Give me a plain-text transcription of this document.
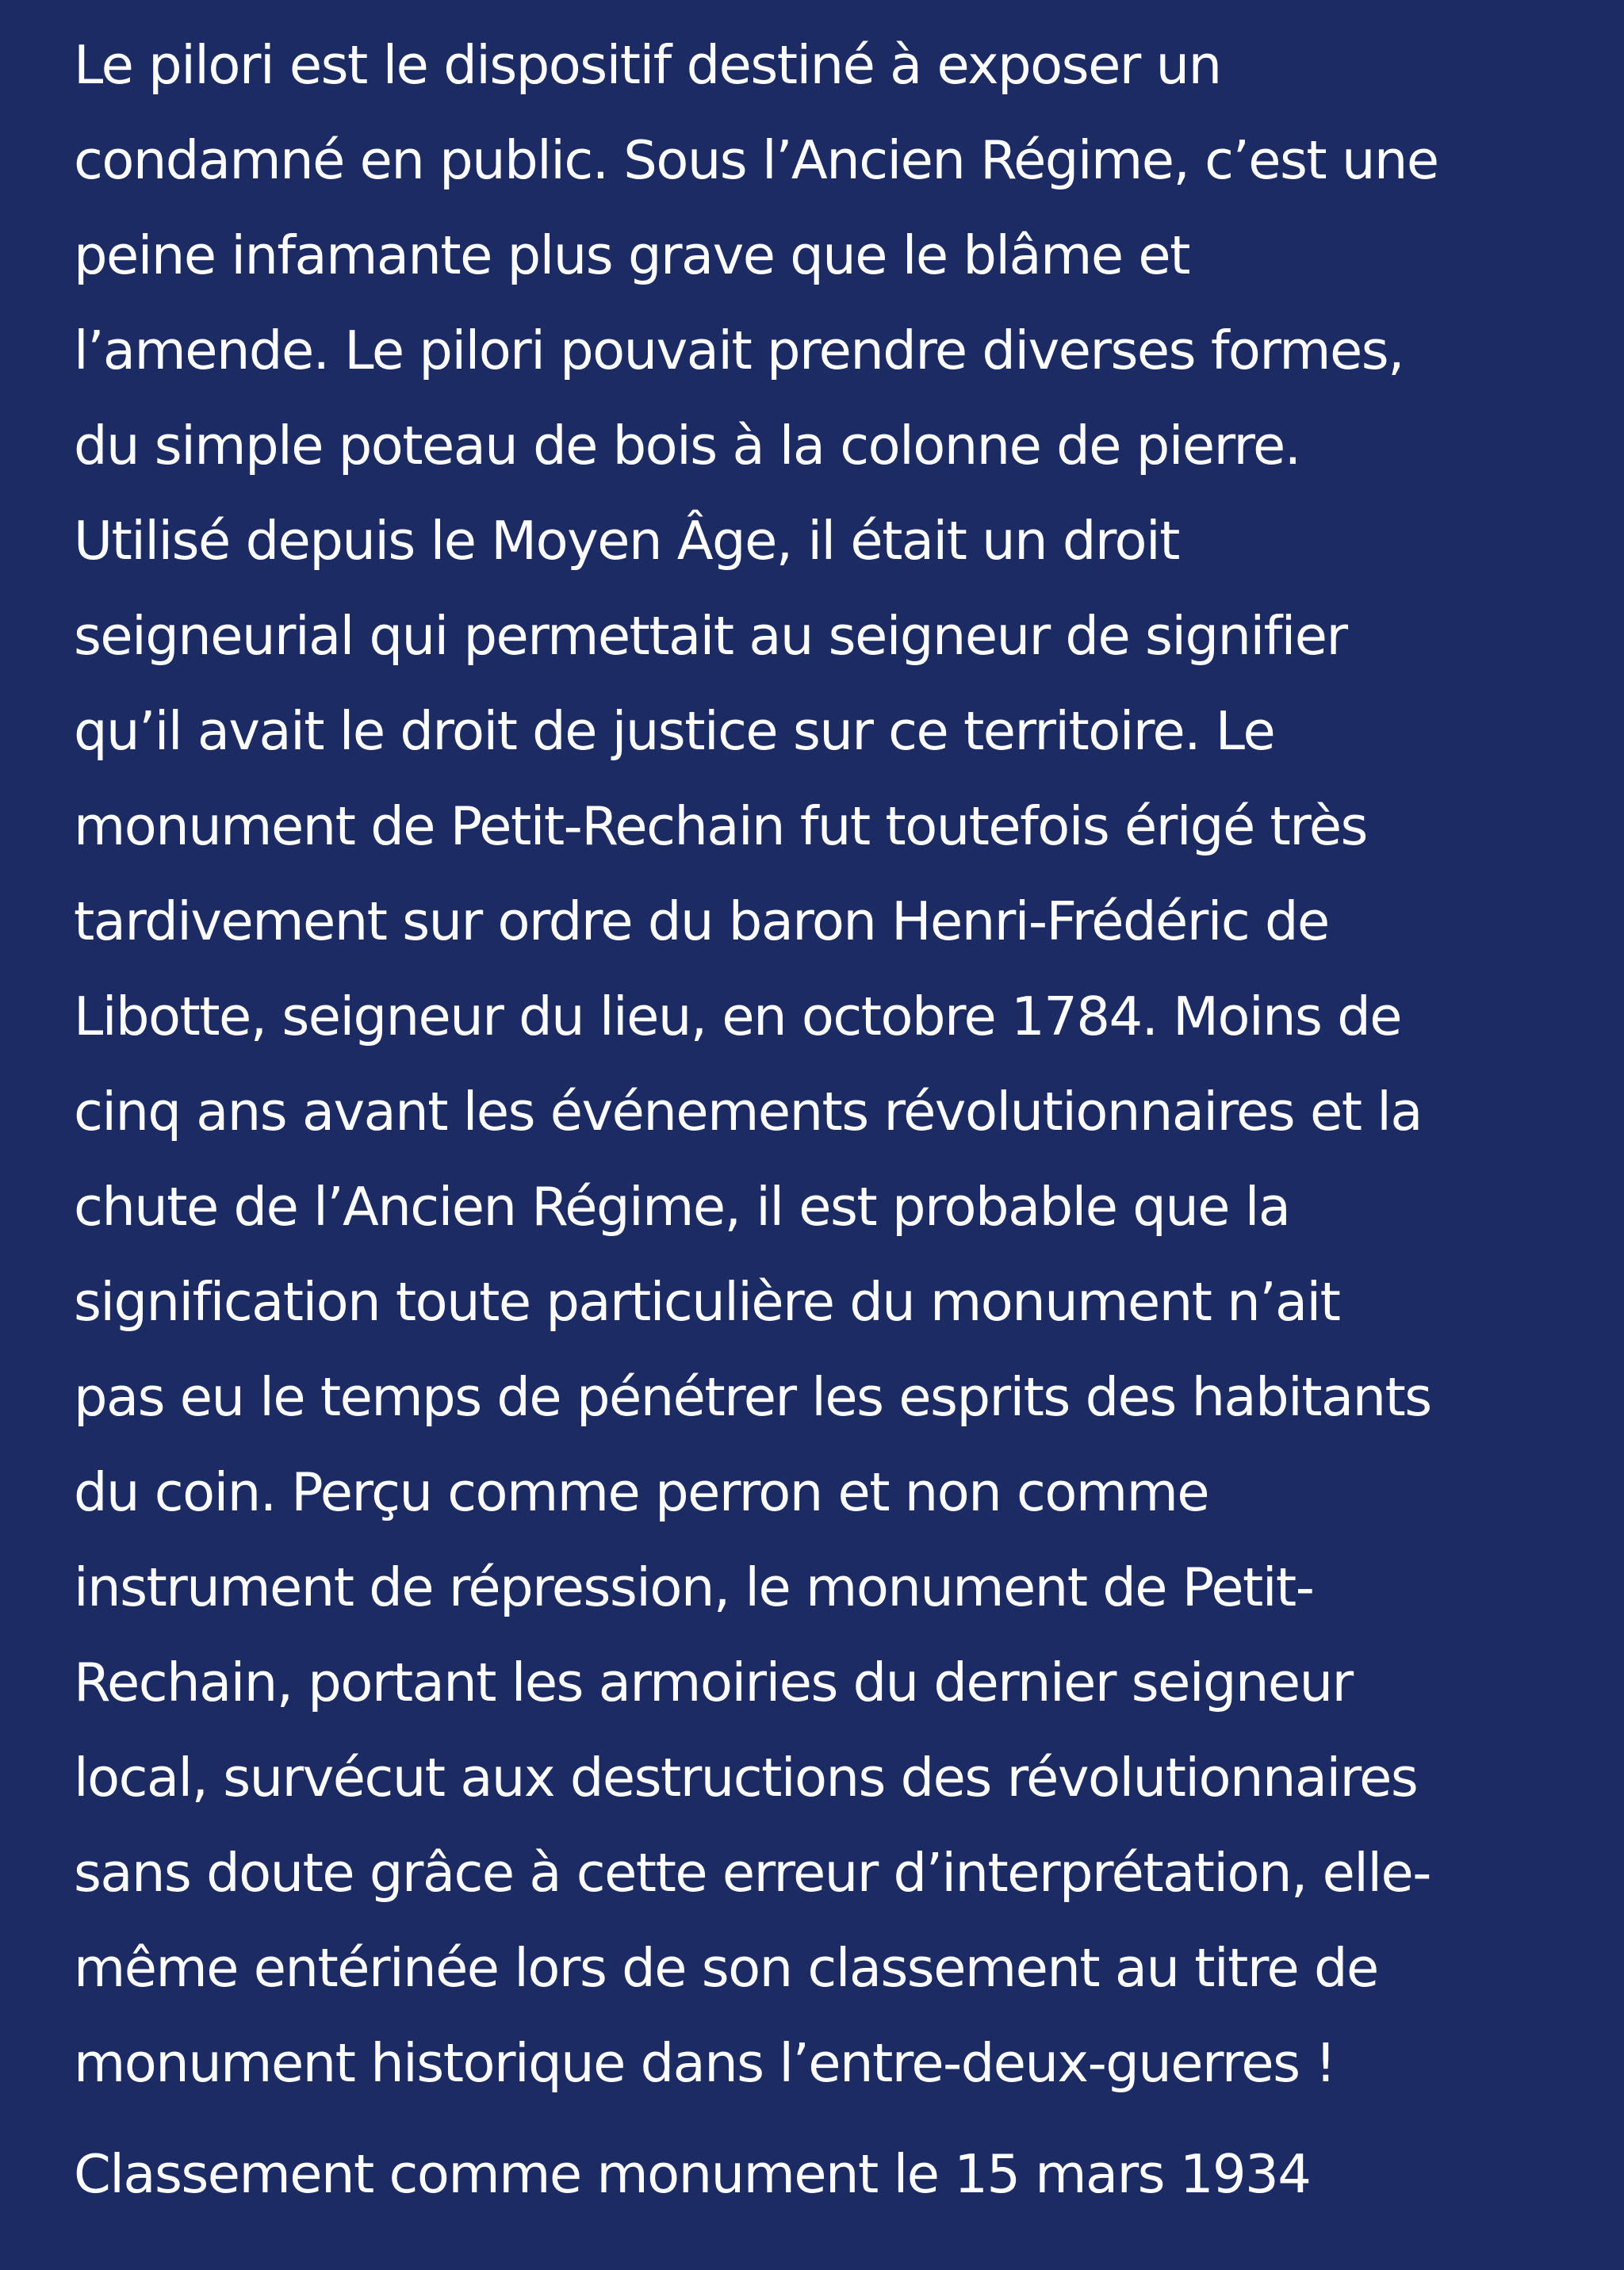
Le pilori est le dispositif destiné à exposer un

condamné en public. Sous l’Ancien Régime, c’est une

peine infamante plus grave que le blâme et

l’amende. Le pilori pouvait prendre diverses formes,

du simple poteau de bois à la colonne de pierre.

Utilisé depuis le Moyen Âge, il était un droit

seigneurial qui permettait au seigneur de signifier

qu’il avait le droit de justice sur ce territoire. Le

monument de Petit-Rechain fut toutefois érigé très

tardivement sur ordre du baron Henri-Frédéric de

Libotte, seigneur du lieu, en octobre 1784. Moins de

cinq ans avant les événements révolutionnaires et la

chute de l’Ancien Régime, il est probable que la

signification toute particulière du monument n’ait

pas eu le temps de pénétrer les esprits des habitants

du coin. Perçu comme perron et non comme

instrument de répression, le monument de Petit-

Rechain, portant les armoiries du dernier seigneur

local, survécut aux destructions des révolutionnaires

sans doute grâce à cette erreur d’interprétation, elle-

même entérinée lors de son classement au titre de

monument historique dans l’entre-deux-guerres !

Classement comme monument le 15 mars 1934
